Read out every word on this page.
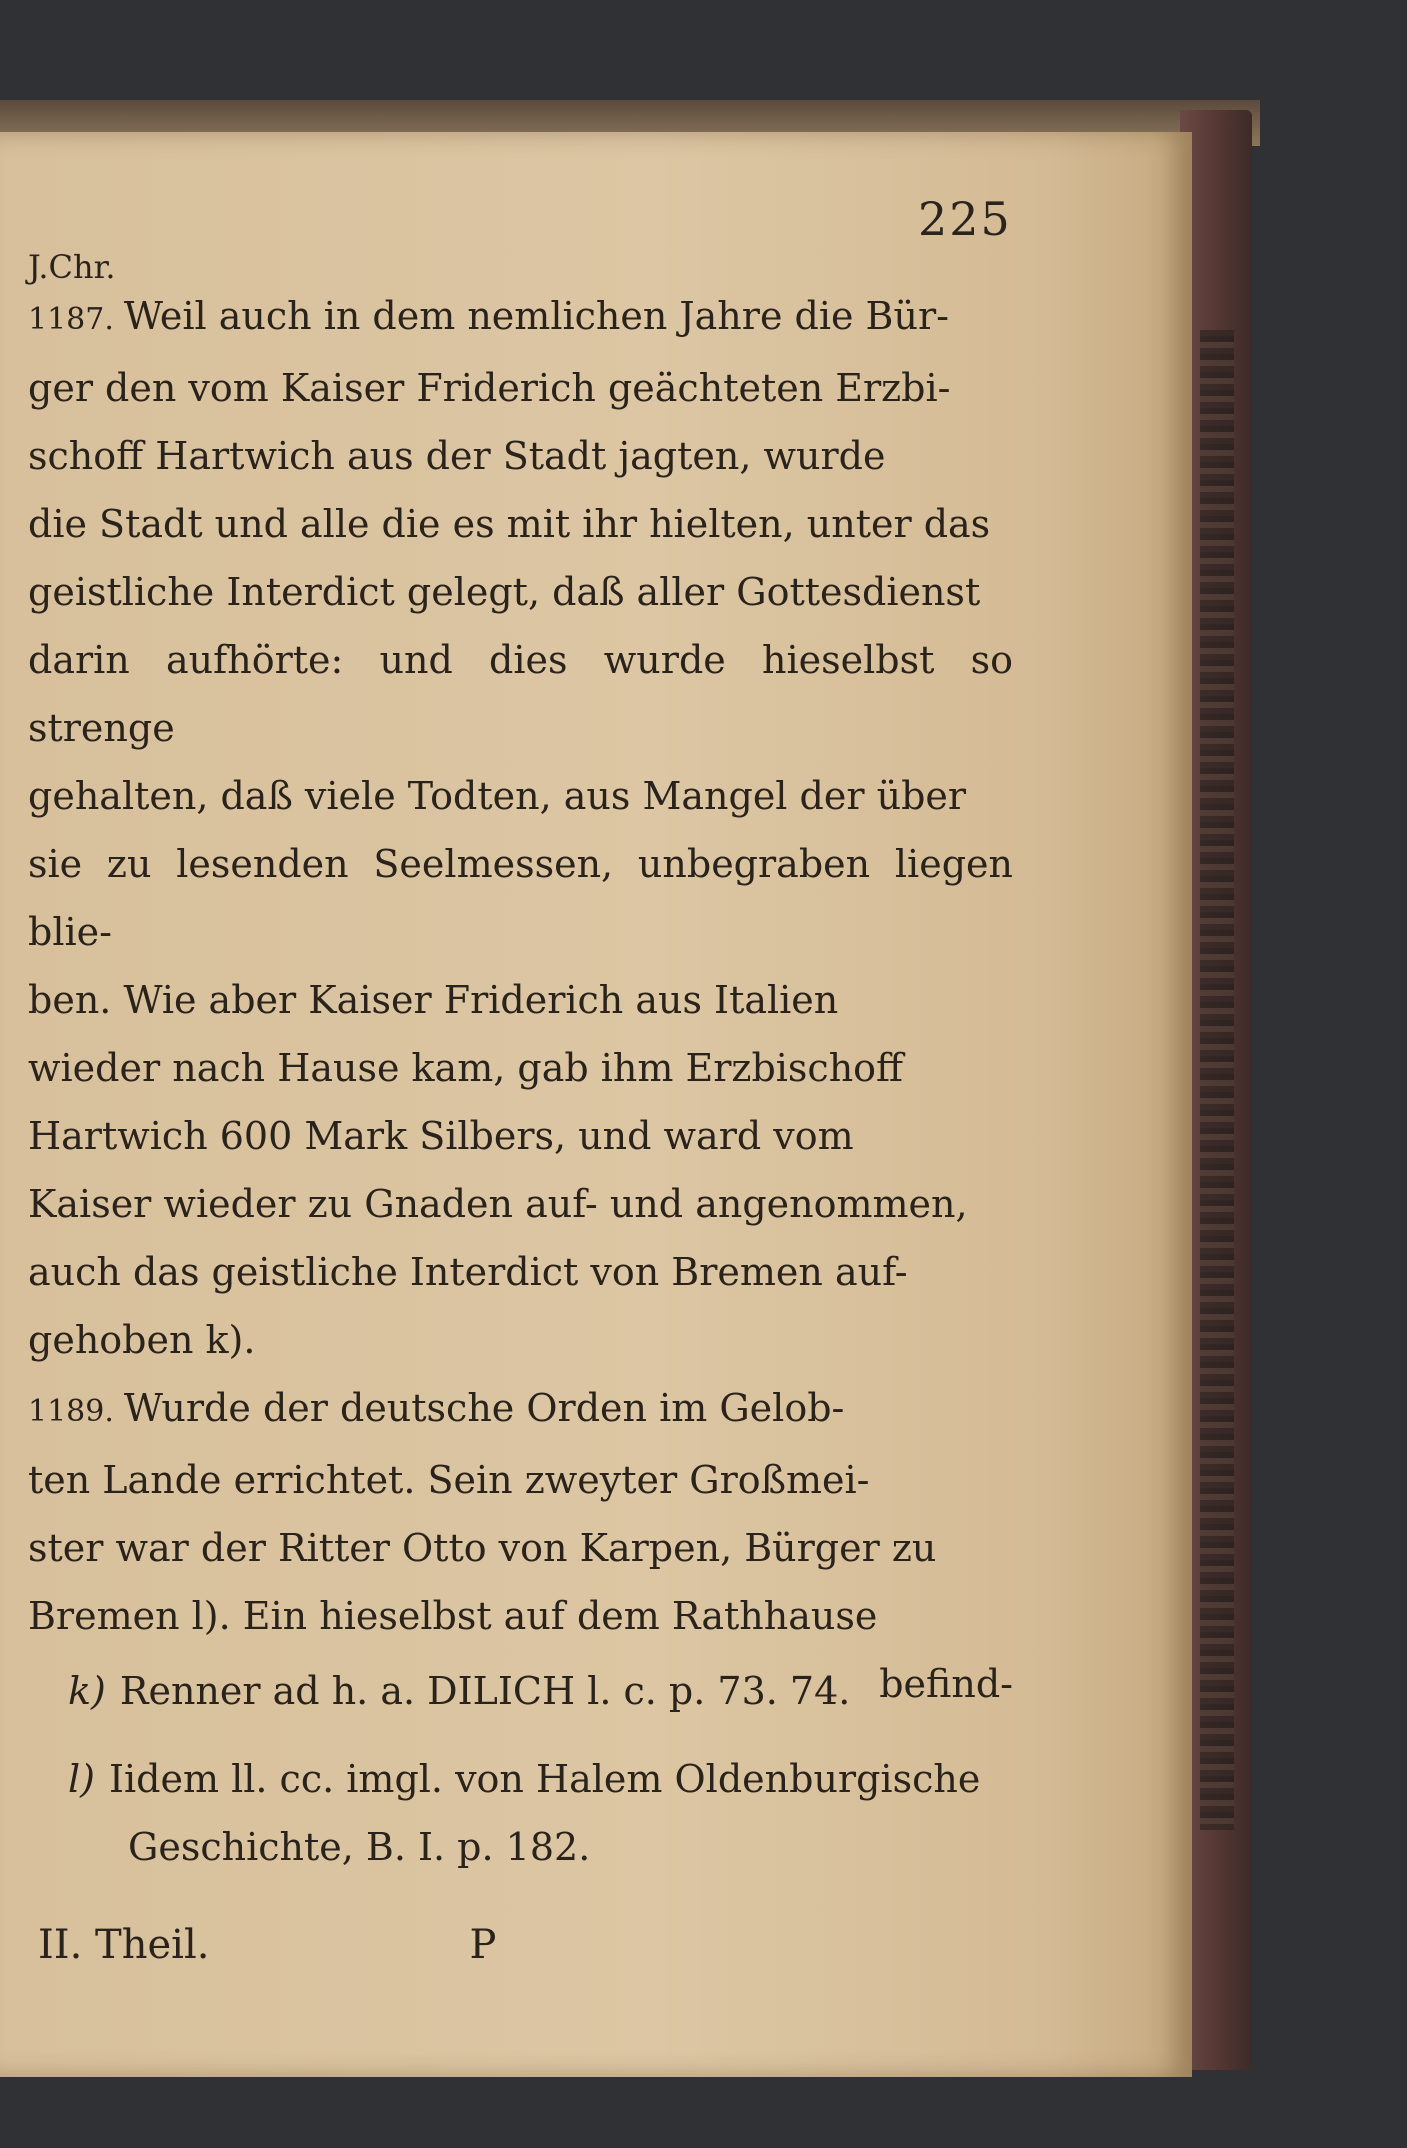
225
J.Chr.
1187. Weil auch in dem nemlichen Jahre die Bür-
ger den vom Kaiser Friderich geächteten Erzbi-
schoff Hartwich aus der Stadt jagten, wurde
die Stadt und alle die es mit ihr hielten, unter das
geistliche Interdict gelegt, daß aller Gottesdienst
darin aufhörte: und dies wurde hieselbst so strenge
gehalten, daß viele Todten, aus Mangel der über
sie zu lesenden Seelmessen, unbegraben liegen blie-
ben. Wie aber Kaiser Friderich aus Italien
wieder nach Hause kam, gab ihm Erzbischoff
Hartwich 600 Mark Silbers, und ward vom
Kaiser wieder zu Gnaden auf- und angenommen,
auch das geistliche Interdict von Bremen auf-
gehoben k).
1189. Wurde der deutsche Orden im Gelob-
ten Lande errichtet. Sein zweyter Großmei-
ster war der Ritter Otto von Karpen, Bürger zu
Bremen l). Ein hieselbst auf dem Rathhause
befind-

k) Renner ad h. a. DILICH l. c. p. 73. 74.

l) Iidem ll. cc. imgl. von Halem Oldenburgische
Geschichte, B. I. p. 182.

II. Theil.	P
